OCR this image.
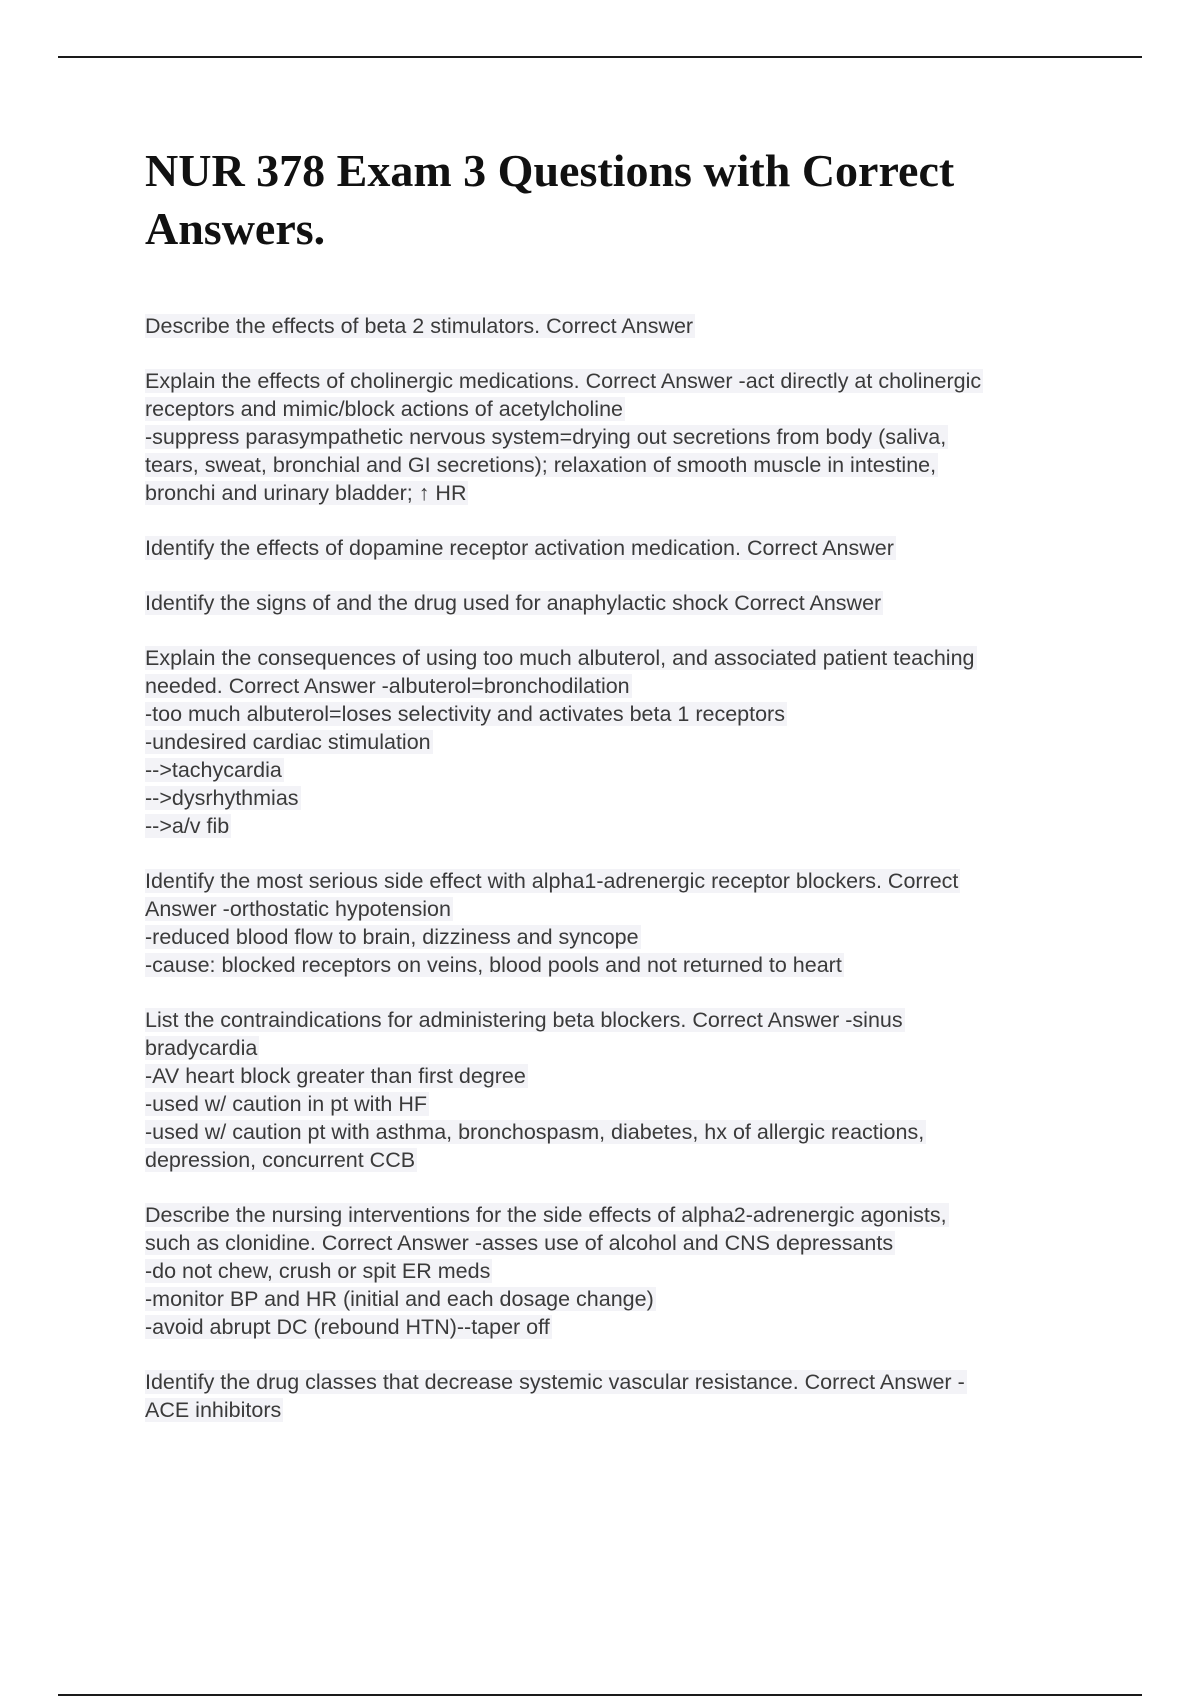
NUR 378 Exam 3 Questions with Correct
Answers.
Describe the effects of beta 2 stimulators. Correct Answer
Explain the effects of cholinergic medications. Correct Answer -act directly at cholinergic
receptors and mimic/block actions of acetylcholine
-suppress parasympathetic nervous system=drying out secretions from body (saliva,
tears, sweat, bronchial and GI secretions); relaxation of smooth muscle in intestine,
bronchi and urinary bladder; ↑ HR
Identify the effects of dopamine receptor activation medication. Correct Answer
Identify the signs of and the drug used for anaphylactic shock Correct Answer
Explain the consequences of using too much albuterol, and associated patient teaching
needed. Correct Answer -albuterol=bronchodilation
-too much albuterol=loses selectivity and activates beta 1 receptors
-undesired cardiac stimulation
-->tachycardia
-->dysrhythmias
-->a/v fib
Identify the most serious side effect with alpha1-adrenergic receptor blockers. Correct
Answer -orthostatic hypotension
-reduced blood flow to brain, dizziness and syncope
-cause: blocked receptors on veins, blood pools and not returned to heart
List the contraindications for administering beta blockers. Correct Answer -sinus
bradycardia
-AV heart block greater than first degree
-used w/ caution in pt with HF
-used w/ caution pt with asthma, bronchospasm, diabetes, hx of allergic reactions,
depression, concurrent CCB
Describe the nursing interventions for the side effects of alpha2-adrenergic agonists,
such as clonidine. Correct Answer -asses use of alcohol and CNS depressants
-do not chew, crush or spit ER meds
-monitor BP and HR (initial and each dosage change)
-avoid abrupt DC (rebound HTN)--taper off
Identify the drug classes that decrease systemic vascular resistance. Correct Answer -
ACE inhibitors
